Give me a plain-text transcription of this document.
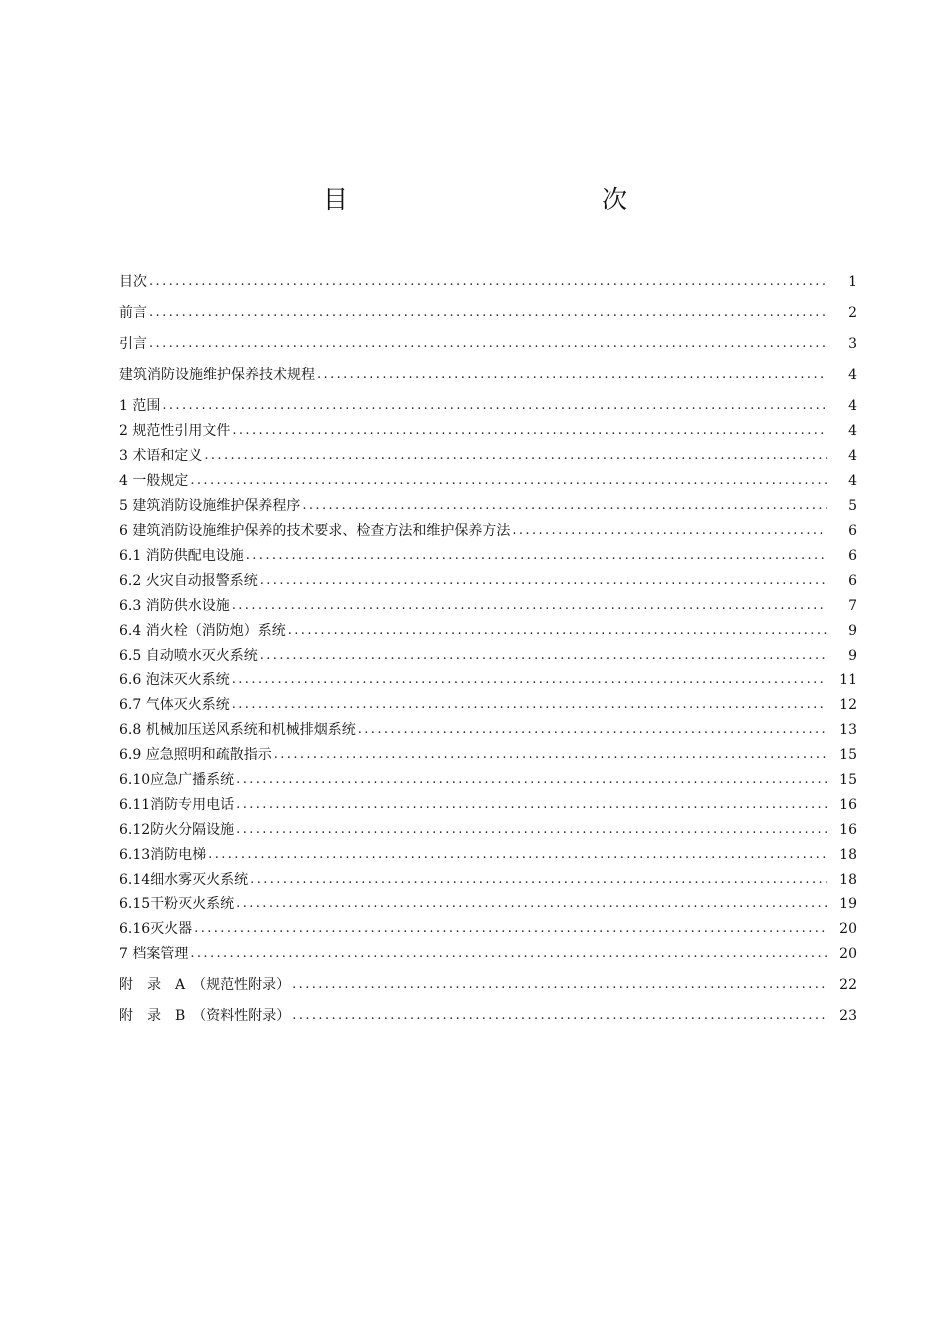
目　　次
目次 .....	1
前言 .....	2
引言 .....	3
建筑消防设施维护保养技术规程 .....	4
1 范围 .....	4
2 规范性引用文件 .....	4
3 术语和定义 .....	4
4 一般规定 .....	4
5 建筑消防设施维护保养程序 .....	5
6 建筑消防设施维护保养的技术要求、检查方法和维护保养方法 .....	6
6.1 消防供配电设施 .....	6
6.2 火灾自动报警系统 .....	6
6.3 消防供水设施 .....	7
6.4 消火栓（消防炮）系统 .....	9
6.5 自动喷水灭火系统 .....	9
6.6 泡沫灭火系统 .....	11
6.7 气体灭火系统 .....	12
6.8 机械加压送风系统和机械排烟系统 .....	13
6.9 应急照明和疏散指示 .....	15
6.10应急广播系统 .....	15
6.11消防专用电话 .....	16
6.12防火分隔设施 .....	16
6.13消防电梯 .....	18
6.14细水雾灭火系统 .....	18
6.15干粉灭火系统 .....	19
6.16灭火器 .....	20
7 档案管理 .....	20
附　录　A　（规范性附录） .....	22
附　录　B　（资料性附录） .....	23
